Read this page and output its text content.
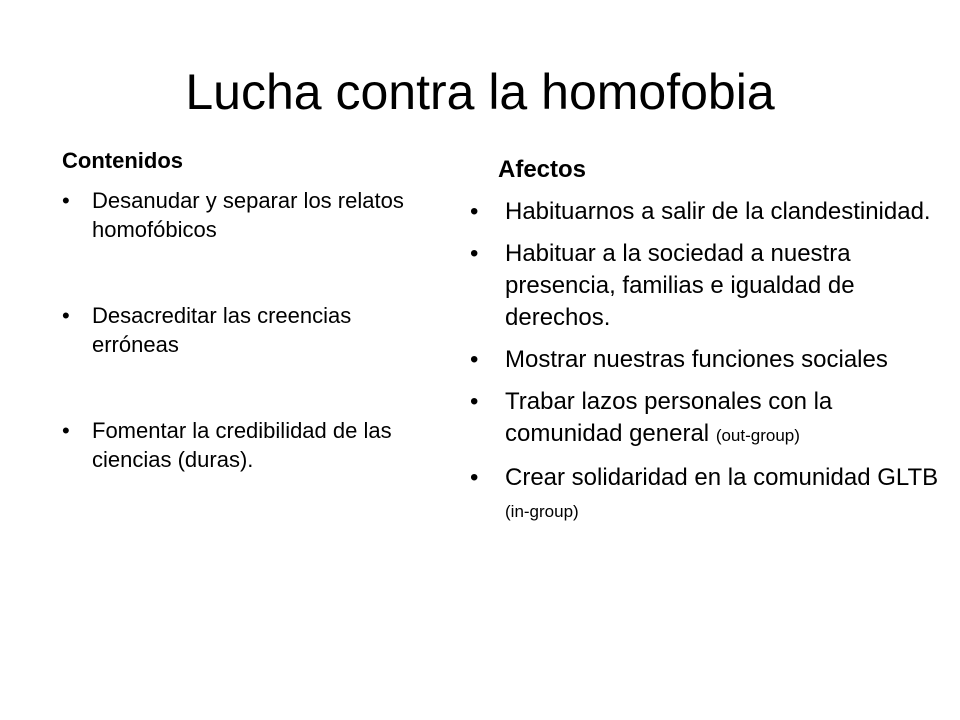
Lucha contra la homofobia
Contenidos
• Desanudar y separar los relatos homofóbicos
• Desacreditar las creencias erróneas
• Fomentar la credibilidad de las ciencias (duras).
Afectos
• Habituarnos a salir de la clandestinidad.
• Habituar a la sociedad a nuestra presencia, familias e igualdad de derechos.
• Mostrar nuestras funciones sociales
• Trabar lazos personales con la comunidad general (out-group)
• Crear solidaridad en la comunidad GLTB (in-group)
